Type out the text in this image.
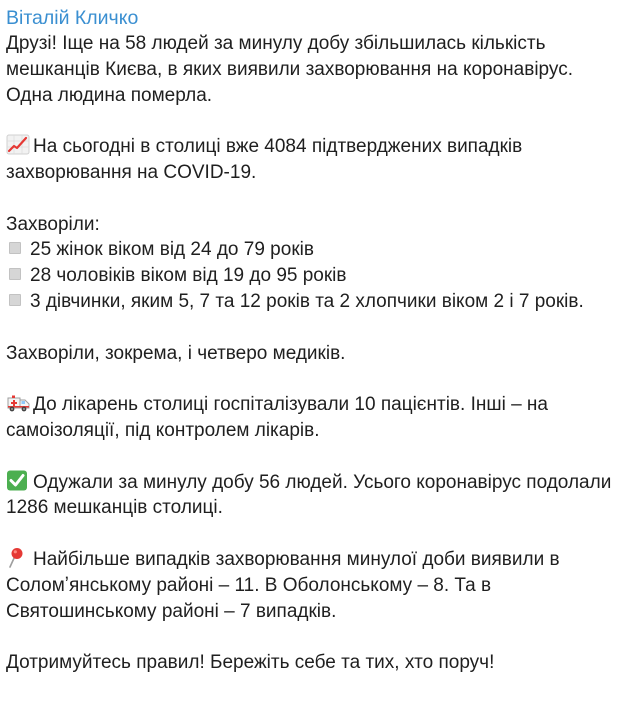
Віталій Кличко

Друзі! Іще на 58 людей за минулу добу збільшилась кількість мешканців Києва, в яких виявили захворювання на коронавірус. Одна людина померла.

На сьогодні в столиці вже 4084 підтверджених випадків захворювання на COVID-19.

Захворіли:

25 жінок віком від 24 до 79 років

28 чоловіків віком від 19 до 95 років

3 дівчинки, яким 5, 7 та 12 років та 2 хлопчики віком 2 і 7 років.

Захворіли, зокрема, і четверо медиків.

До лікарень столиці госпіталізували 10 пацієнтів. Інші – на самоізоляції, під контролем лікарів.

Одужали за минулу добу 56 людей. Усього коронавірус подолали 1286 мешканців столиці.

Найбільше випадків захворювання минулої доби виявили в Соломʼянському районі – 11. В Оболонському – 8. Та в Святошинському районі – 7 випадків.

Дотримуйтесь правил! Бережіть себе та тих, хто поруч!
